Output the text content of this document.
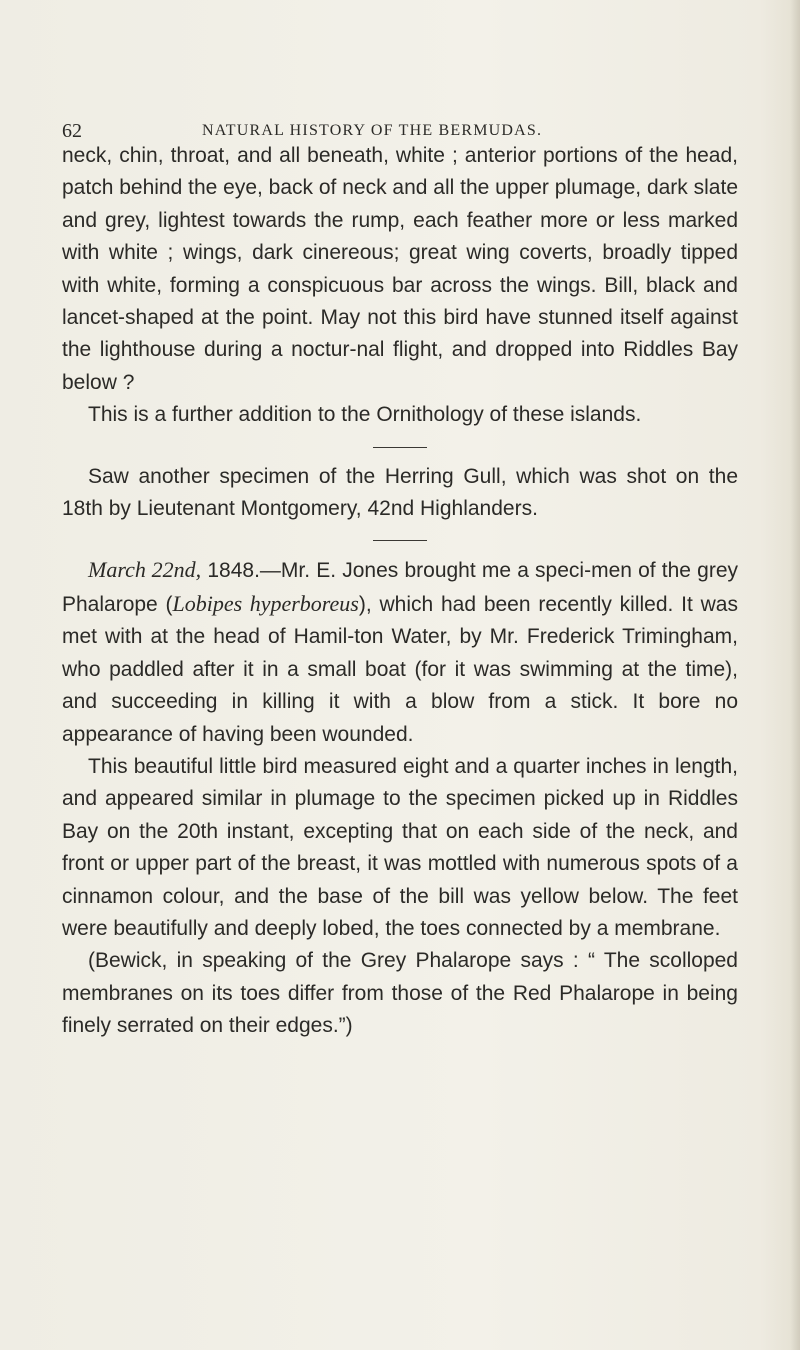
62	NATURAL HISTORY OF THE BERMUDAS.

neck, chin, throat, and all beneath, white ; anterior portions of the head, patch behind the eye, back of neck and all the upper plumage, dark slate and grey, lightest towards the rump, each feather more or less marked with white ; wings, dark cinereous; great wing coverts, broadly tipped with white, forming a conspicuous bar across the wings. Bill, black and lancet-shaped at the point. May not this bird have stunned itself against the lighthouse during a noctur-nal flight, and dropped into Riddles Bay below ?

This is a further addition to the Ornithology of these islands.

Saw another specimen of the Herring Gull, which was shot on the 18th by Lieutenant Montgomery, 42nd Highlanders.

March 22nd, 1848.—Mr. E. Jones brought me a speci-men of the grey Phalarope (Lobipes hyperboreus), which had been recently killed. It was met with at the head of Hamil-ton Water, by Mr. Frederick Trimingham, who paddled after it in a small boat (for it was swimming at the time), and succeeding in killing it with a blow from a stick. It bore no appearance of having been wounded.

This beautiful little bird measured eight and a quarter inches in length, and appeared similar in plumage to the specimen picked up in Riddles Bay on the 20th instant, excepting that on each side of the neck, and front or upper part of the breast, it was mottled with numerous spots of a cinnamon colour, and the base of the bill was yellow below. The feet were beautifully and deeply lobed, the toes connected by a membrane.

(Bewick, in speaking of the Grey Phalarope says : “ The scolloped membranes on its toes differ from those of the Red Phalarope in being finely serrated on their edges.”)
